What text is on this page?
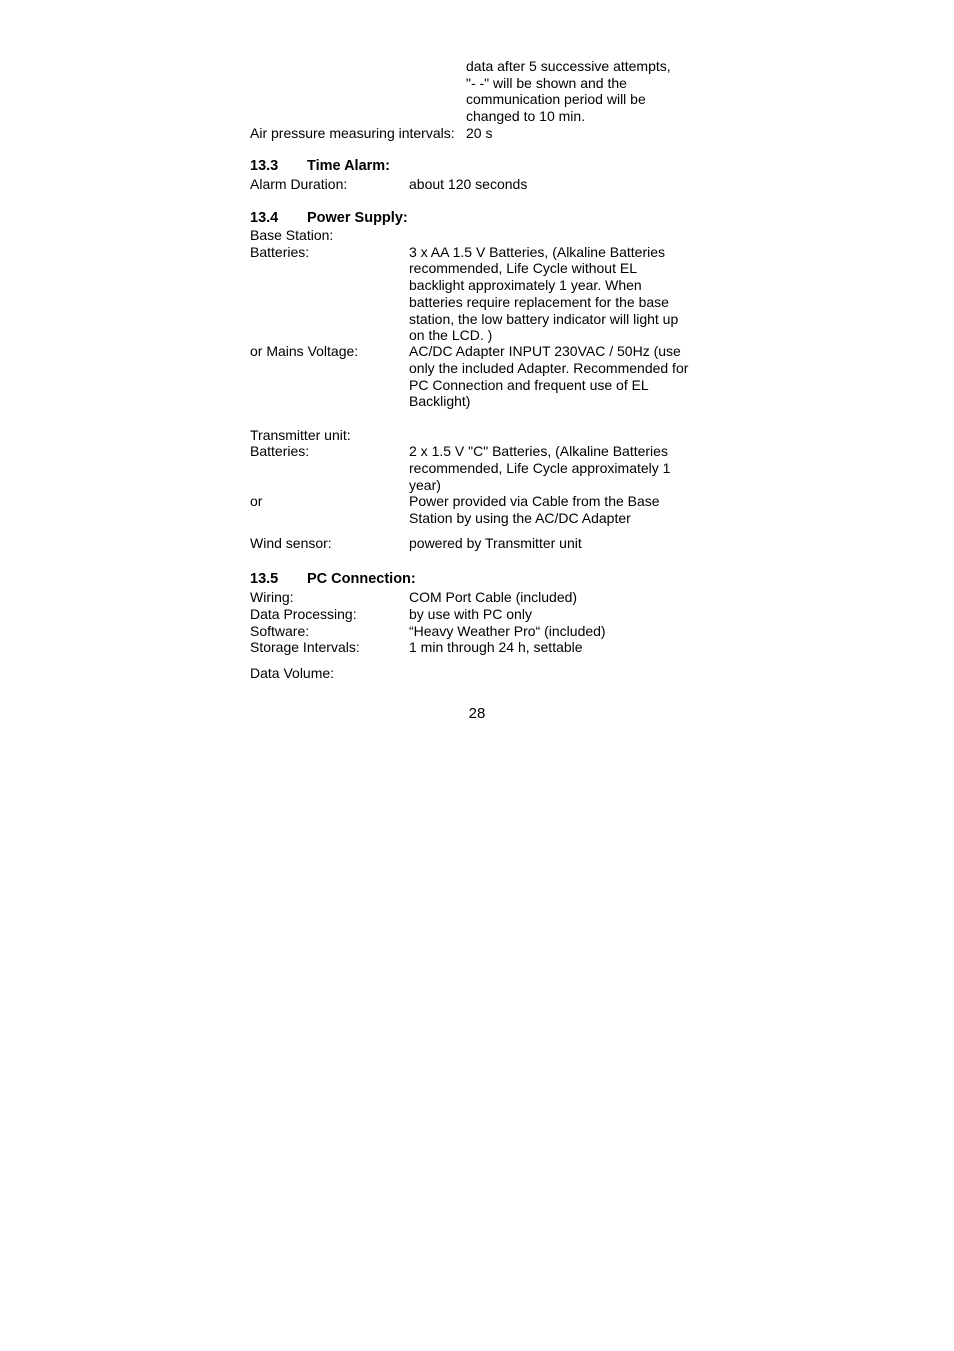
data after 5 successive attempts,
"- -" will be shown and the
communication period will be
changed to 10 min.
Air pressure measuring intervals: 20 s
13.3 Time Alarm:
Alarm Duration:	about 120 seconds
13.4 Power Supply:
Base Station:
Batteries:	3 x AA 1.5 V Batteries, (Alkaline Batteries
recommended, Life Cycle without EL
backlight approximately 1 year. When
batteries require replacement for the base
station, the low battery indicator will light up
on the LCD. )
or Mains Voltage:	AC/DC Adapter INPUT 230VAC / 50Hz (use
only the included Adapter. Recommended for
PC Connection and frequent use of EL
Backlight)
Transmitter unit:
Batteries:	2 x 1.5 V "C" Batteries, (Alkaline Batteries
recommended, Life Cycle approximately 1
year)
or	Power provided via Cable from the Base
Station by using the AC/DC Adapter
Wind sensor:	powered by Transmitter unit
13.5 PC Connection:
Wiring:	COM Port Cable (included)
Data Processing:	by use with PC only
Software:	“Heavy Weather Pro“ (included)
Storage Intervals:	1 min through 24 h, settable
Data Volume:
28
